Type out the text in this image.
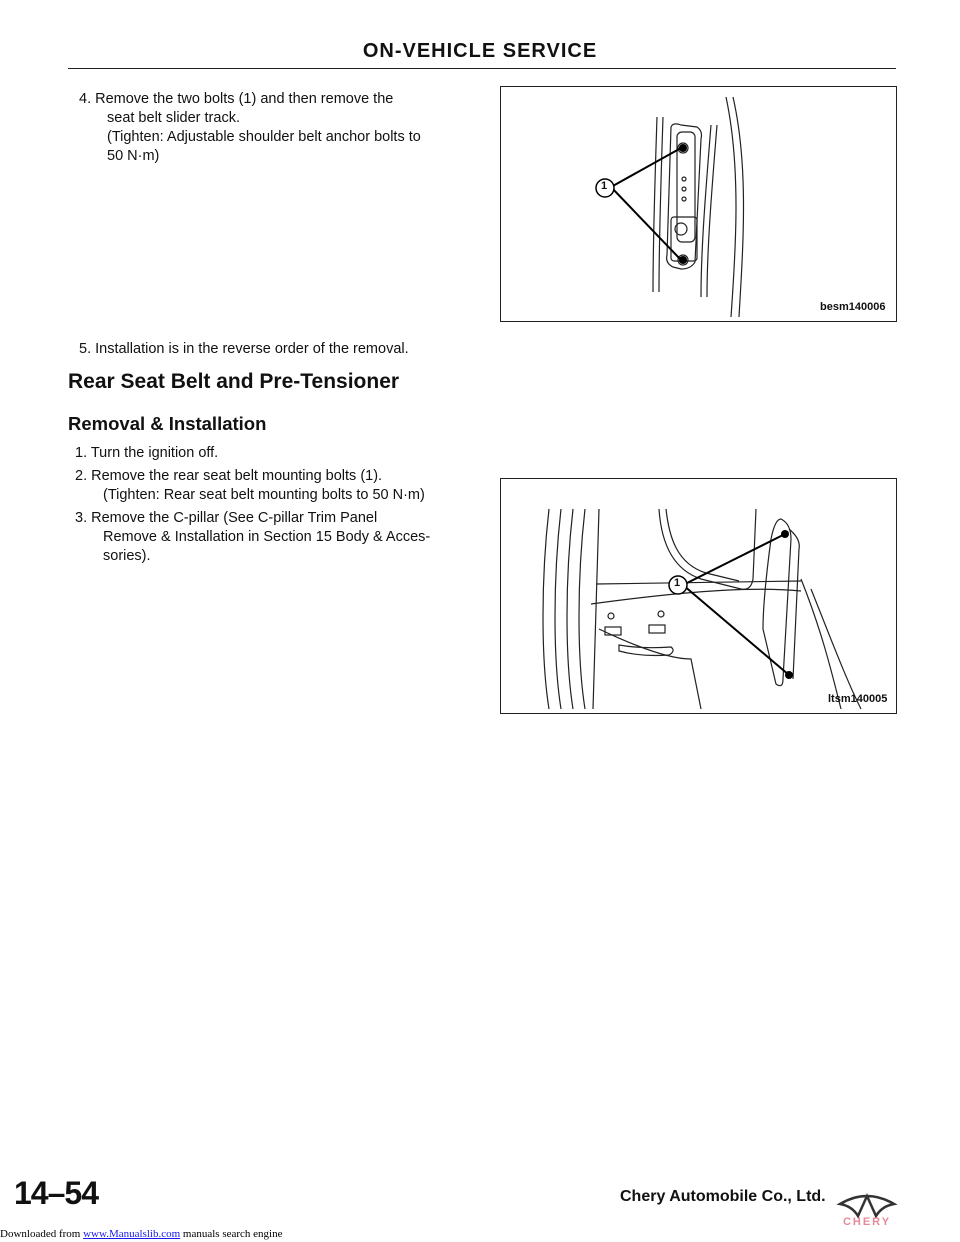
ON-VEHICLE SERVICE
4. Remove the two bolts (1) and then remove the
seat belt slider track.
(Tighten: Adjustable shoulder belt anchor bolts to
50 N·m)
5. Installation is in the reverse order of the removal.
Rear Seat Belt and Pre-Tensioner
Removal & Installation
1. Turn the ignition off.
2. Remove the rear seat belt mounting bolts (1).
(Tighten: Rear seat belt mounting bolts to 50 N·m)
3. Remove the C-pillar (See C-pillar Trim Panel
Remove & Installation in Section 15 Body & Acces-
sories).
1
besm140006
1
ltsm140005
14–54	Chery Automobile Co., Ltd.
CHERY
Downloaded from www.Manualslib.com manuals search engine
